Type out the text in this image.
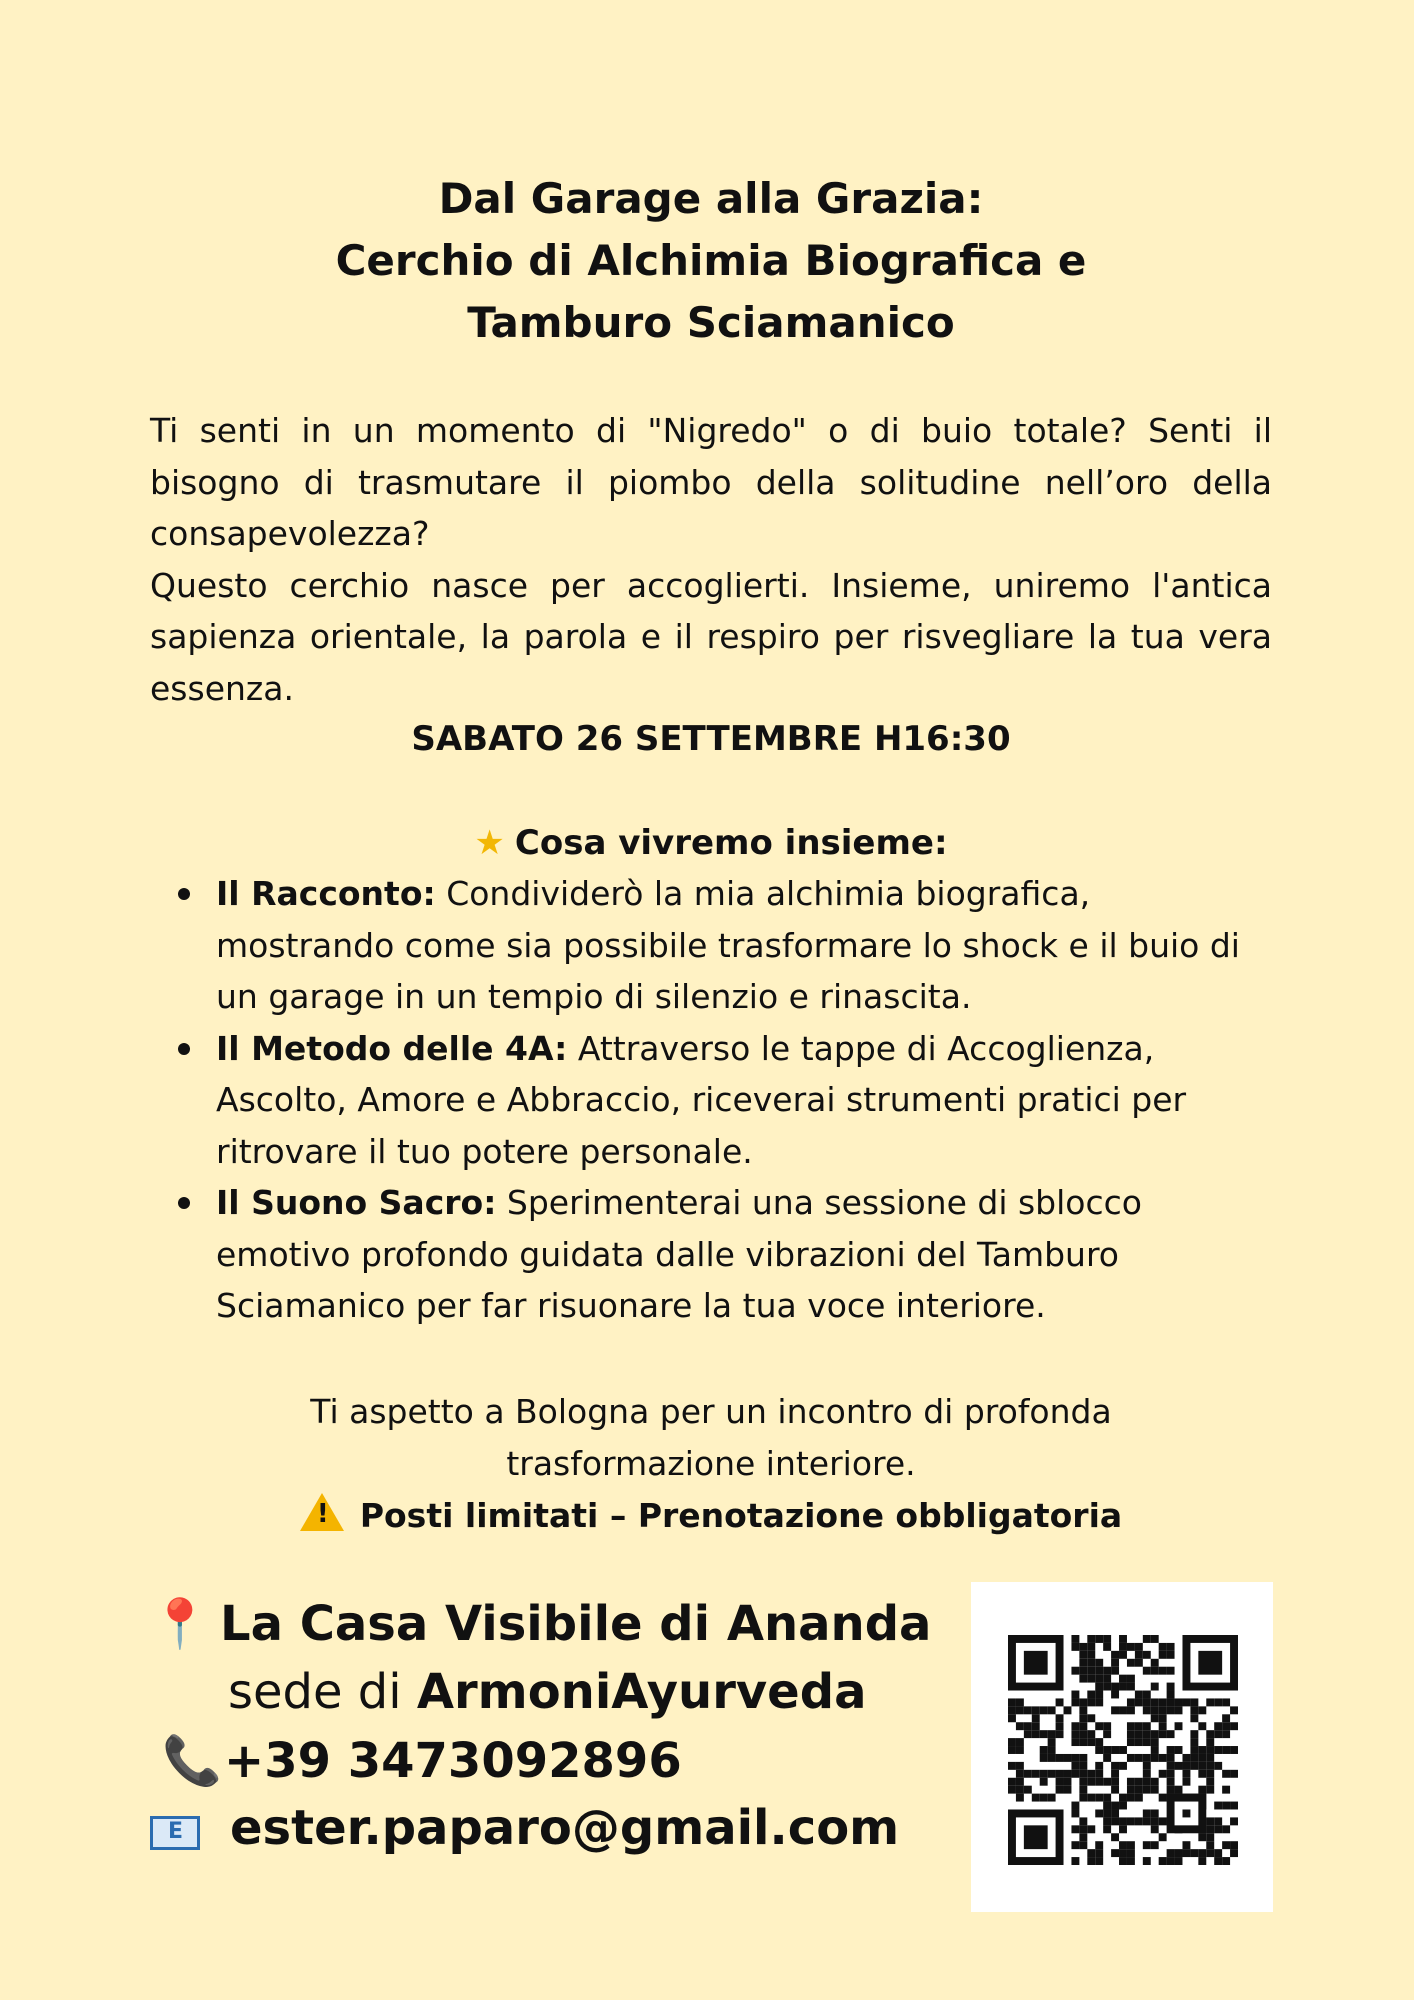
Dal Garage alla Grazia:
Cerchio di Alchimia Biografica e
Tamburo Sciamanico

Ti senti in un momento di "Nigredo" o di buio totale? Senti il bisogno di trasmutare il piombo della solitudine nell’oro della consapevolezza?

Questo cerchio nasce per accoglierti. Insieme, uniremo l'antica sapienza orientale, la parola e il respiro per risvegliare la tua vera essenza.

SABATO 26 SETTEMBRE H16:30
★ Cosa vivremo insieme:
Il Racconto: Condividerò la mia alchimia biografica, mostrando come sia possibile trasformare lo shock e il buio di un garage in un tempio di silenzio e rinascita.
Il Metodo delle 4A: Attraverso le tappe di Accoglienza, Ascolto, Amore e Abbraccio, riceverai strumenti pratici per ritrovare il tuo potere personale.
Il Suono Sacro: Sperimenterai una sessione di sblocco emotivo profondo guidata dalle vibrazioni del Tamburo Sciamanico per far risuonare la tua voce interiore.

Ti aspetto a Bologna per un incontro di profonda

trasformazione interiore.

!Posti limitati – Prenotazione obbligatoria

📍 La Casa Visibile di Ananda
sede di ArmoniAyurveda
📞+39 3473092896
Eester.paparo@gmail.com
